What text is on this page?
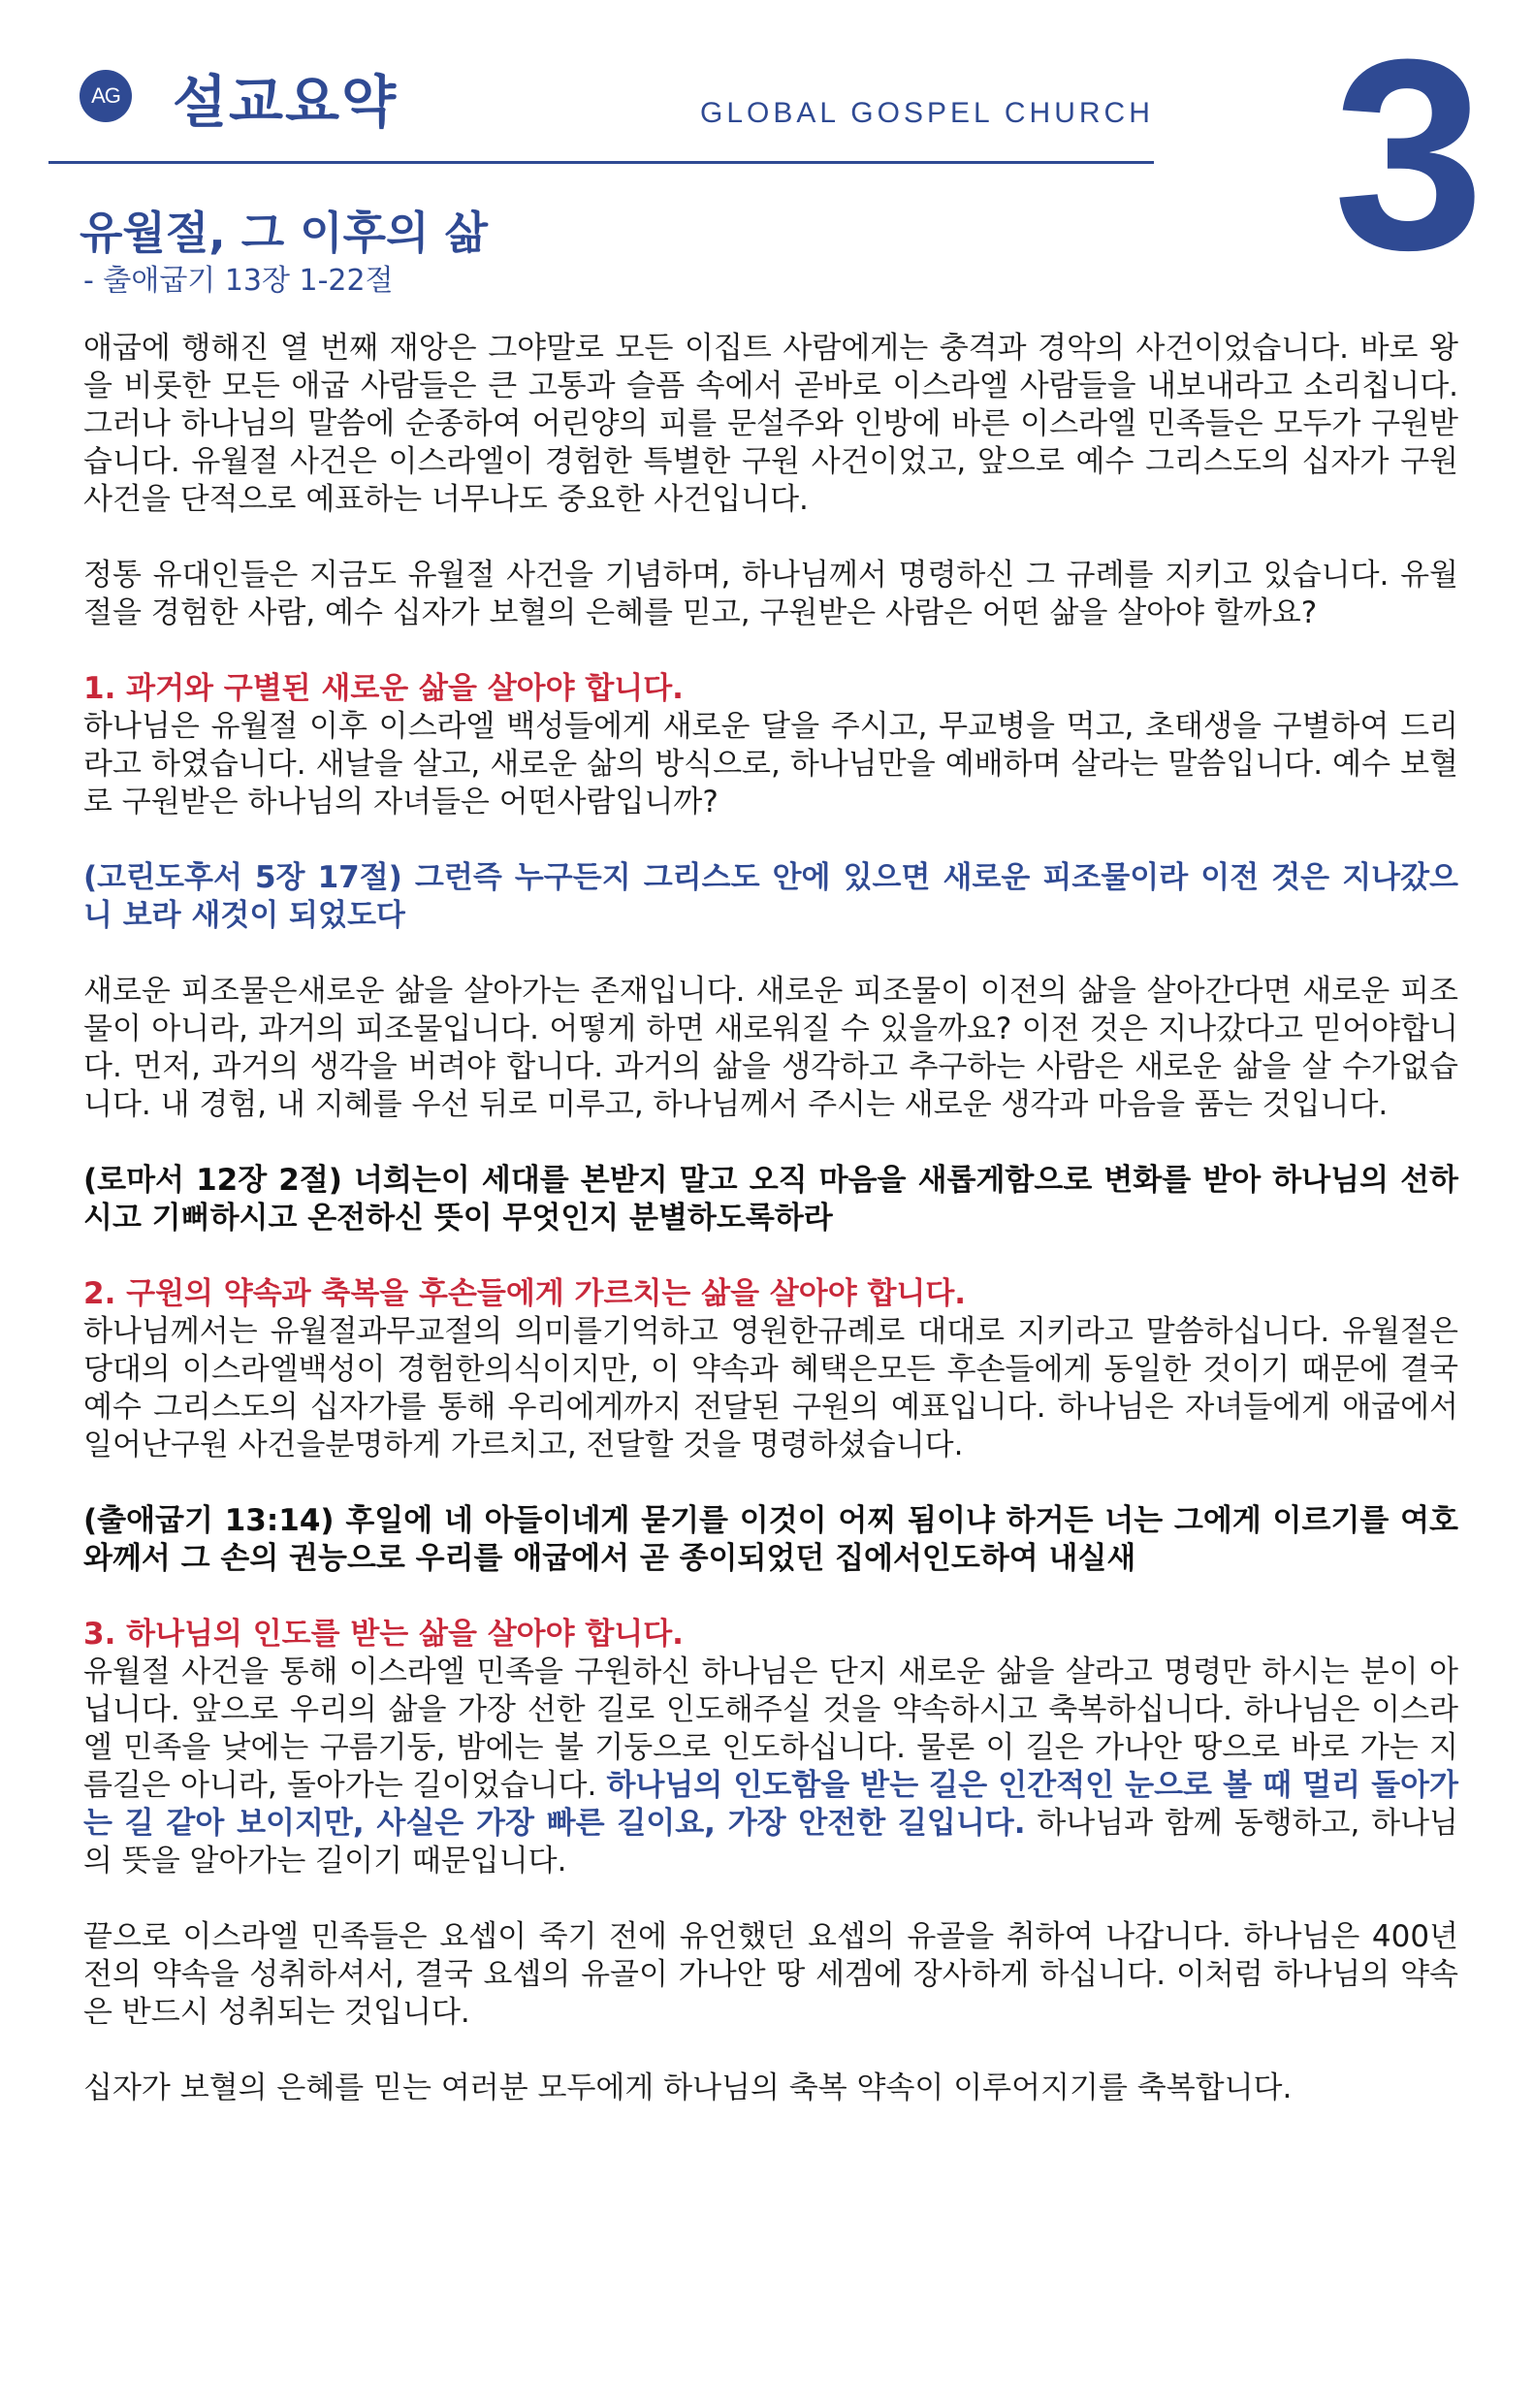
AG 설교요약	GLOBAL GOSPEL CHURCH 3
유월절, 그 이후의 삶
- 출애굽기 13장 1-22절

애굽에 행해진 열 번째 재앙은 그야말로 모든 이집트 사람에게는 충격과 경악의 사건이었습니다. 바로 왕을 비롯한 모든 애굽 사람들은 큰 고통과 슬픔 속에서 곧바로 이스라엘 사람들을 내보내라고 소리칩니다. 그러나 하나님의 말씀에 순종하여 어린양의 피를 문설주와 인방에 바른 이스라엘 민족들은 모두가 구원받습니다. 유월절 사건은 이스라엘이 경험한 특별한 구원 사건이었고, 앞으로 예수 그리스도의 십자가 구원 사건을 단적으로 예표하는 너무나도 중요한 사건입니다.

정통 유대인들은 지금도 유월절 사건을 기념하며, 하나님께서 명령하신 그 규례를 지키고 있습니다. 유월절을 경험한 사람, 예수 십자가 보혈의 은혜를 믿고, 구원받은 사람은 어떤 삶을 살아야 할까요?

1. 과거와 구별된 새로운 삶을 살아야 합니다.

하나님은 유월절 이후 이스라엘 백성들에게 새로운 달을 주시고, 무교병을 먹고, 초태생을 구별하여 드리라고 하였습니다. 새날을 살고, 새로운 삶의 방식으로, 하나님만을 예배하며 살라는 말씀입니다. 예수 보혈로 구원받은 하나님의 자녀들은 어떤사람입니까?

(고린도후서 5장 17절) 그런즉 누구든지 그리스도 안에 있으면 새로운 피조물이라 이전 것은 지나갔으니 보라 새것이 되었도다

새로운 피조물은새로운 삶을 살아가는 존재입니다. 새로운 피조물이 이전의 삶을 살아간다면 새로운 피조물이 아니라, 과거의 피조물입니다. 어떻게 하면 새로워질 수 있을까요? 이전 것은 지나갔다고 믿어야합니다. 먼저, 과거의 생각을 버려야 합니다. 과거의 삶을 생각하고 추구하는 사람은 새로운 삶을 살 수가없습니다. 내 경험, 내 지혜를 우선 뒤로 미루고, 하나님께서 주시는 새로운 생각과 마음을 품는 것입니다.

(로마서 12장 2절) 너희는이 세대를 본받지 말고 오직 마음을 새롭게함으로 변화를 받아 하나님의 선하시고 기뻐하시고 온전하신 뜻이 무엇인지 분별하도록하라

2. 구원의 약속과 축복을 후손들에게 가르치는 삶을 살아야 합니다.

하나님께서는 유월절과무교절의 의미를기억하고 영원한규례로 대대로 지키라고 말씀하십니다. 유월절은당대의 이스라엘백성이 경험한의식이지만, 이 약속과 혜택은모든 후손들에게 동일한 것이기 때문에 결국 예수 그리스도의 십자가를 통해 우리에게까지 전달된 구원의 예표입니다. 하나님은 자녀들에게 애굽에서 일어난구원 사건을분명하게 가르치고, 전달할 것을 명령하셨습니다.

(출애굽기 13:14) 후일에 네 아들이네게 묻기를 이것이 어찌 됨이냐 하거든 너는 그에게 이르기를 여호와께서 그 손의 권능으로 우리를 애굽에서 곧 종이되었던 집에서인도하여 내실새

3. 하나님의 인도를 받는 삶을 살아야 합니다.

유월절 사건을 통해 이스라엘 민족을 구원하신 하나님은 단지 새로운 삶을 살라고 명령만 하시는 분이 아닙니다. 앞으로 우리의 삶을 가장 선한 길로 인도해주실 것을 약속하시고 축복하십니다. 하나님은 이스라엘 민족을 낮에는 구름기둥, 밤에는 불 기둥으로 인도하십니다. 물론 이 길은 가나안 땅으로 바로 가는 지름길은 아니라, 돌아가는 길이었습니다. 하나님의 인도함을 받는 길은 인간적인 눈으로 볼 때 멀리 돌아가는 길 같아 보이지만, 사실은 가장 빠른 길이요, 가장 안전한 길입니다. 하나님과 함께 동행하고, 하나님의 뜻을 알아가는 길이기 때문입니다.

끝으로 이스라엘 민족들은 요셉이 죽기 전에 유언했던 요셉의 유골을 취하여 나갑니다. 하나님은 400년 전의 약속을 성취하셔서, 결국 요셉의 유골이 가나안 땅 세겜에 장사하게 하십니다. 이처럼 하나님의 약속은 반드시 성취되는 것입니다.

십자가 보혈의 은혜를 믿는 여러분 모두에게 하나님의 축복 약속이 이루어지기를 축복합니다.
